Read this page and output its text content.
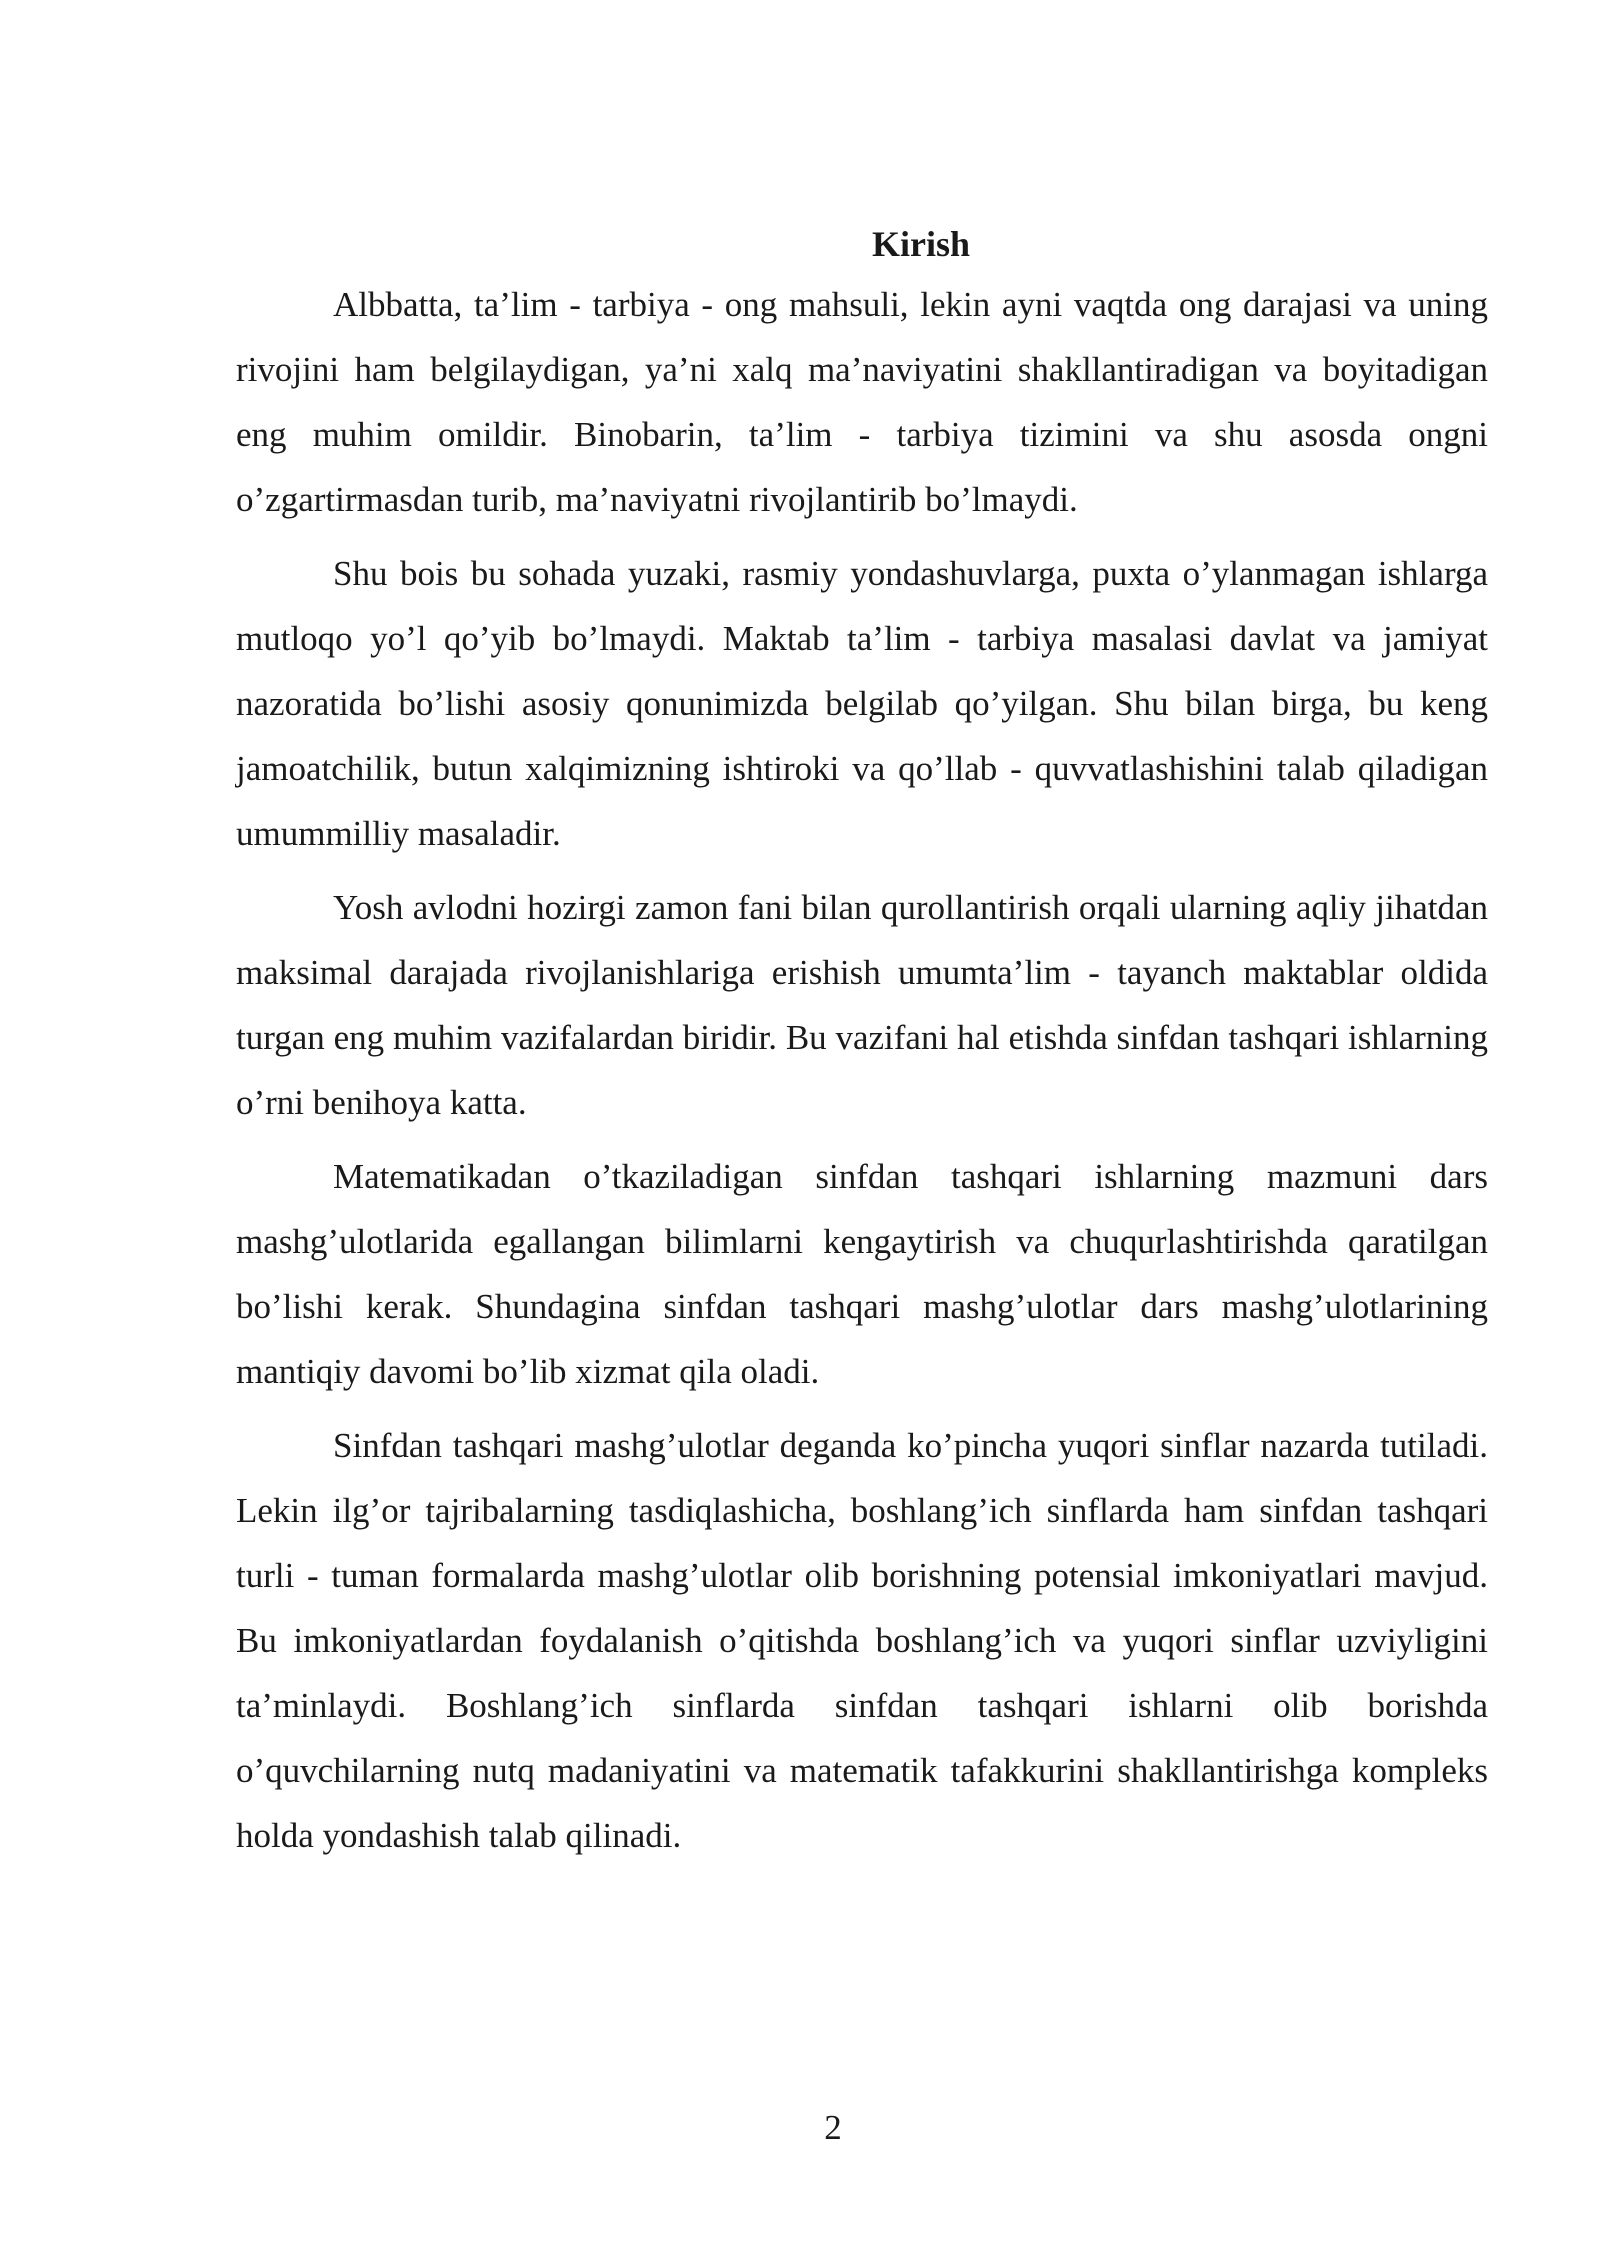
Kirish

Albbatta, ta’lim - tarbiya - ong mahsuli, lekin ayni vaqtda ong darajasi va uning rivojini ham belgilaydigan, ya’ni xalq ma’naviyatini shakllantiradigan va boyitadigan eng muhim omildir. Binobarin, ta’lim - tarbiya tizimini va shu asosda ongni o’zgartirmasdan turib, ma’naviyatni rivojlantirib bo’lmaydi.

Shu bois bu sohada yuzaki, rasmiy yondashuvlarga, puxta o’ylanmagan ishlarga mutloqo yo’l qo’yib bo’lmaydi. Maktab ta’lim - tarbiya masalasi davlat va jamiyat nazoratida bo’lishi asosiy qonunimizda belgilab qo’yilgan. Shu bilan birga, bu keng jamoatchilik, butun xalqimizning ishtiroki va qo’llab - quvvatlashishini talab qiladigan umummilliy masaladir.

Yosh avlodni hozirgi zamon fani bilan qurollantirish orqali ularning aqliy jihatdan maksimal darajada rivojlanishlariga erishish umumta’lim - tayanch maktablar oldida turgan eng muhim vazifalardan biridir. Bu vazifani hal etishda sinfdan tashqari ishlarning o’rni benihoya katta.

Matematikadan o’tkaziladigan sinfdan tashqari ishlarning mazmuni dars mashg’ulotlarida egallangan bilimlarni kengaytirish va chuqurlashtirishda qaratilgan bo’lishi kerak. Shundagina sinfdan tashqari mashg’ulotlar dars mashg’ulotlarining mantiqiy davomi bo’lib xizmat qila oladi.

Sinfdan tashqari mashg’ulotlar deganda ko’pincha yuqori sinflar nazarda tutiladi. Lekin ilg’or tajribalarning tasdiqlashicha, boshlang’ich sinflarda ham sinfdan tashqari turli - tuman formalarda mashg’ulotlar olib borishning potensial imkoniyatlari mavjud. Bu imkoniyatlardan foydalanish o’qitishda boshlang’ich va yuqori sinflar uzviyligini ta’minlaydi. Boshlang’ich sinflarda sinfdan tashqari ishlarni olib borishda o’quvchilarning nutq madaniyatini va matematik tafakkurini shakllantirishga kompleks holda yondashish talab qilinadi.

2
